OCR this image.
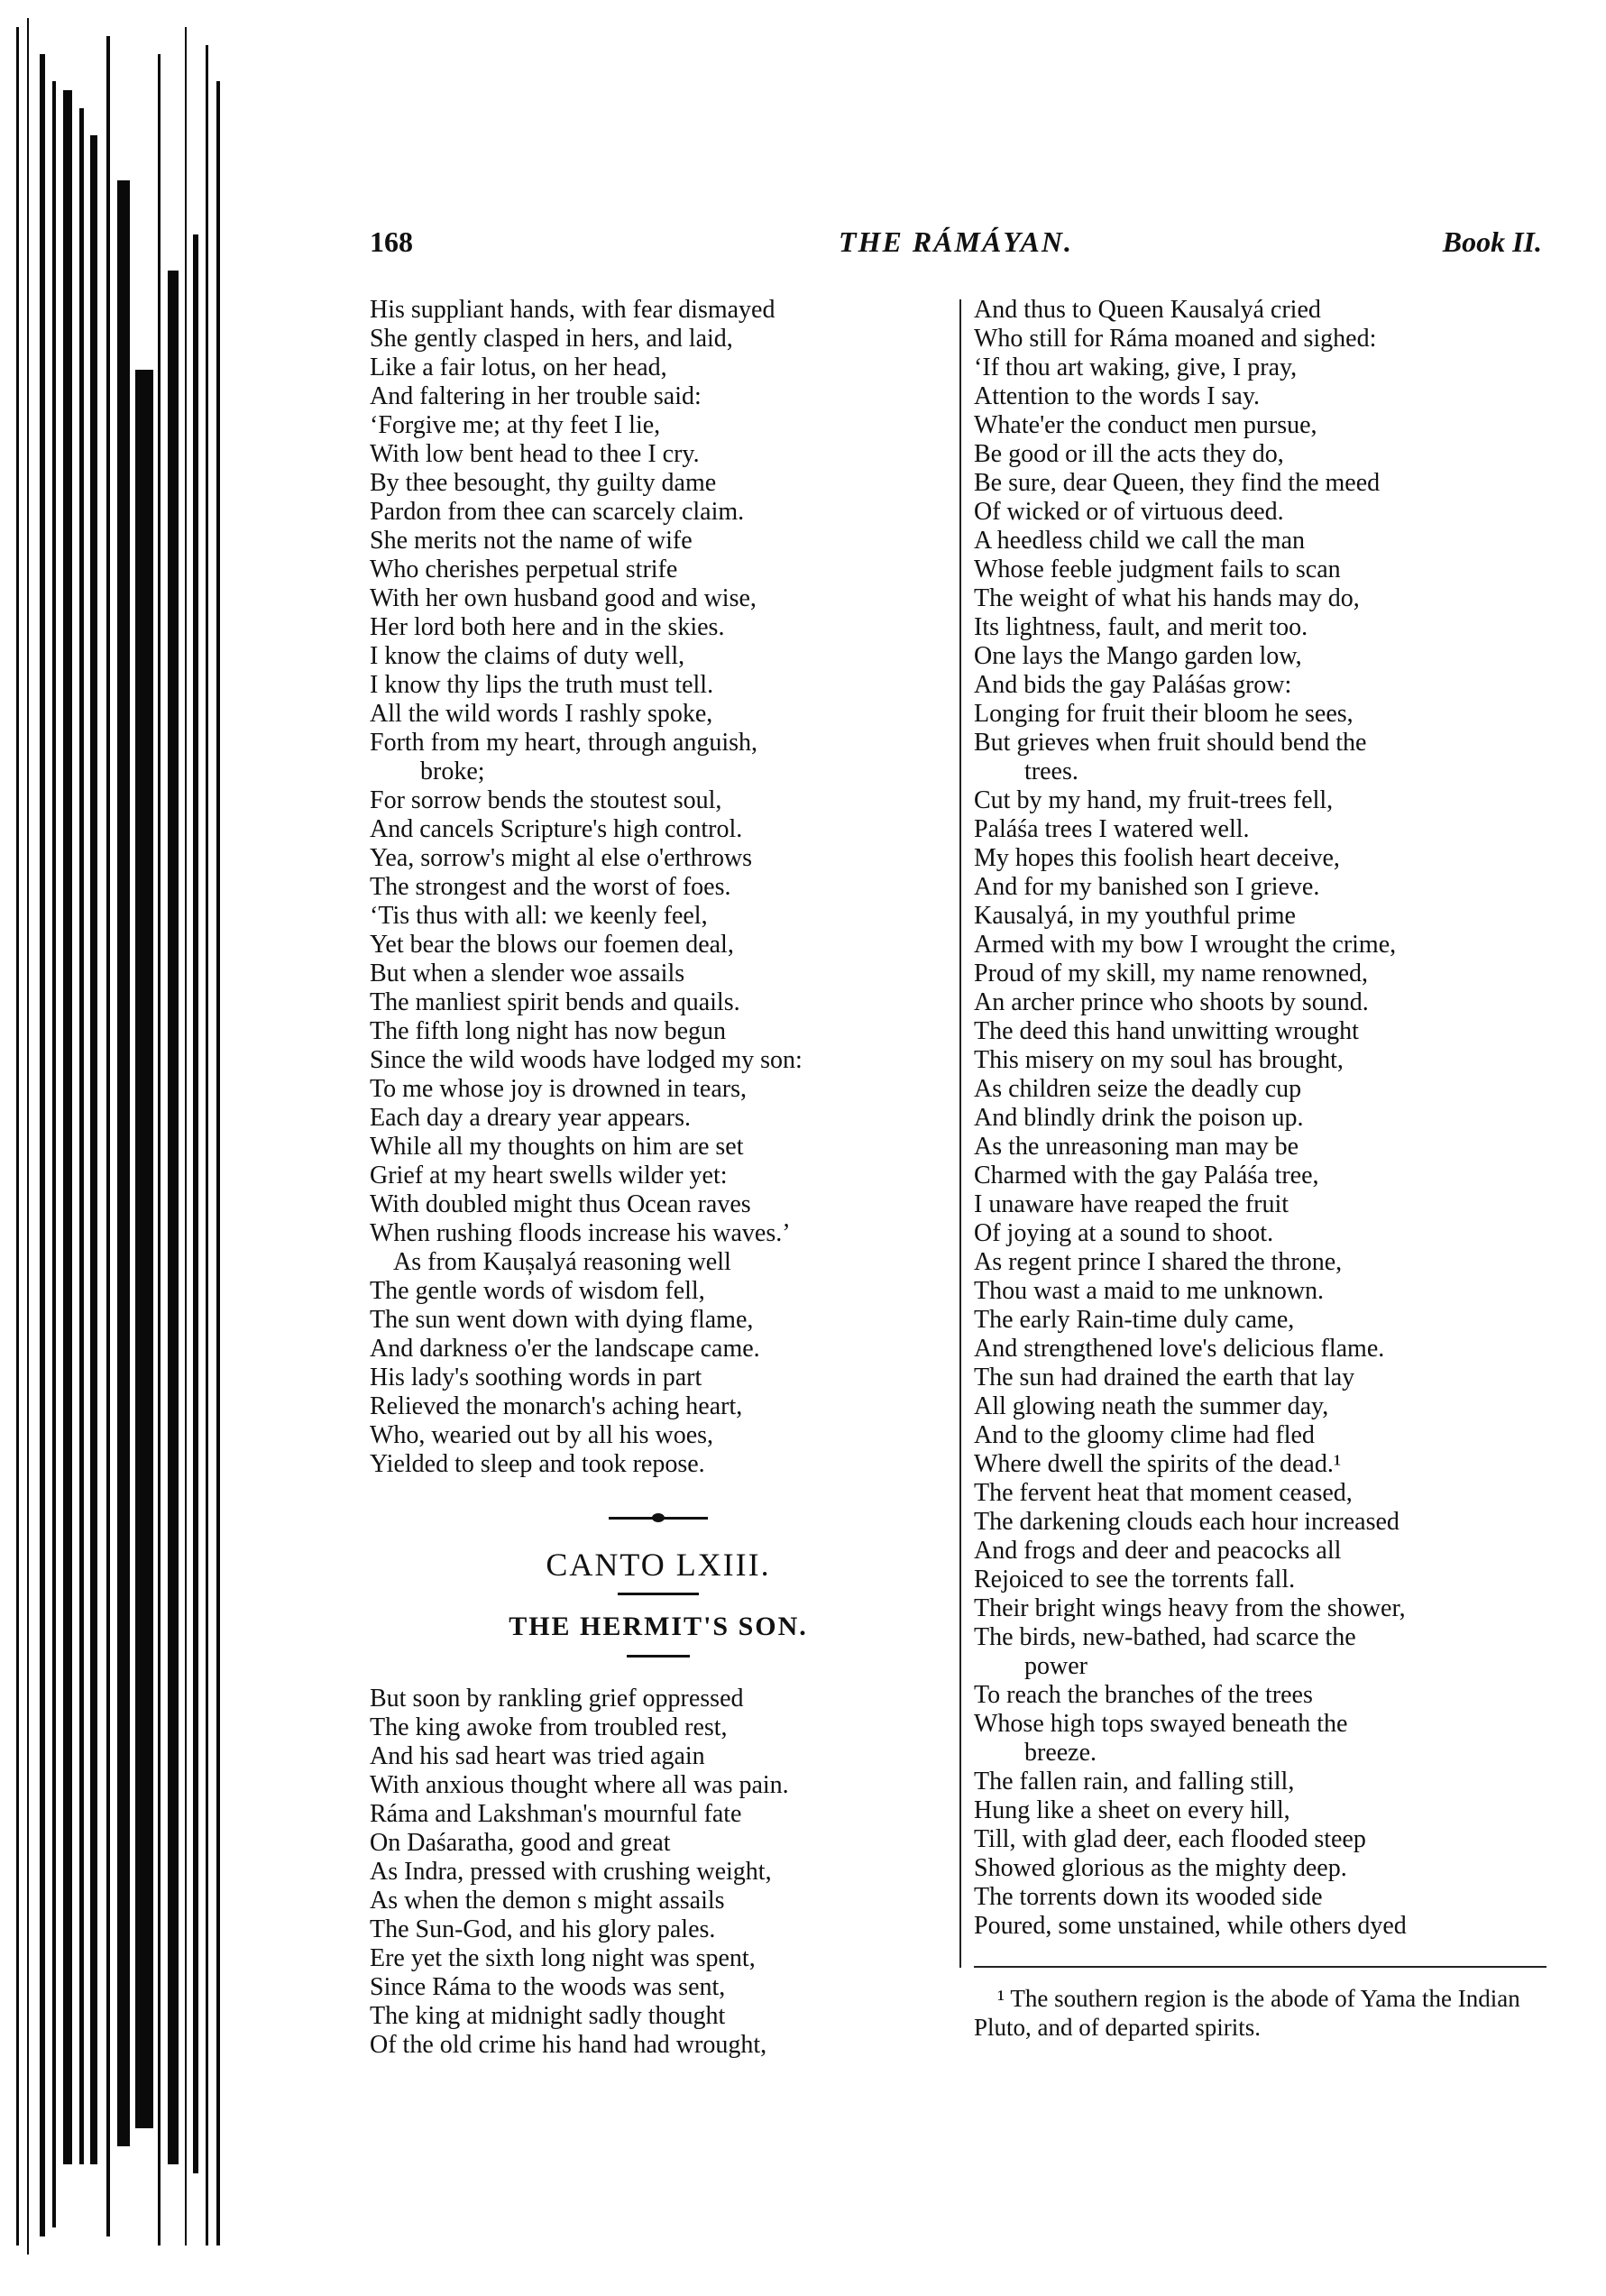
168	THE RÁMÁYAN.	Book II.
His suppliant hands, with fear dismayed
She gently clasped in hers, and laid,
Like a fair lotus, on her head,
And faltering in her trouble said:
‘Forgive me; at thy feet I lie,
With low bent head to thee I cry.
By thee besought, thy guilty dame
Pardon from thee can scarcely claim.
She merits not the name of wife
Who cherishes perpetual strife
With her own husband good and wise,
Her lord both here and in the skies.
I know the claims of duty well,
I know thy lips the truth must tell.
All the wild words I rashly spoke,
Forth from my heart, through anguish,
broke;
For sorrow bends the stoutest soul,
And cancels Scripture's high control.
Yea, sorrow's might al else o'erthrows
The strongest and the worst of foes.
‘Tis thus with all: we keenly feel,
Yet bear the blows our foemen deal,
But when a slender woe assails
The manliest spirit bends and quails.
The fifth long night has now begun
Since the wild woods have lodged my son:
To me whose joy is drowned in tears,
Each day a dreary year appears.
While all my thoughts on him are set
Grief at my heart swells wilder yet:
With doubled might thus Ocean raves
When rushing floods increase his waves.’
As from Kaușalyá reasoning well
The gentle words of wisdom fell,
The sun went down with dying flame,
And darkness o'er the landscape came.
His lady's soothing words in part
Relieved the monarch's aching heart,
Who, wearied out by all his woes,
Yielded to sleep and took repose.
CANTO LXIII.
THE HERMIT'S SON.
But soon by rankling grief oppressed
The king awoke from troubled rest,
And his sad heart was tried again
With anxious thought where all was pain.
Ráma and Lakshman's mournful fate
On Daśaratha, good and great
As Indra, pressed with crushing weight,
As when the demon s might assails
The Sun-God, and his glory pales.
Ere yet the sixth long night was spent,
Since Ráma to the woods was sent,
The king at midnight sadly thought
Of the old crime his hand had wrought,
And thus to Queen Kausalyá cried
Who still for Ráma moaned and sighed:
‘If thou art waking, give, I pray,
Attention to the words I say.
Whate'er the conduct men pursue,
Be good or ill the acts they do,
Be sure, dear Queen, they find the meed
Of wicked or of virtuous deed.
A heedless child we call the man
Whose feeble judgment fails to scan
The weight of what his hands may do,
Its lightness, fault, and merit too.
One lays the Mango garden low,
And bids the gay Paláśas grow:
Longing for fruit their bloom he sees,
But grieves when fruit should bend the
trees.
Cut by my hand, my fruit-trees fell,
Paláśa trees I watered well.
My hopes this foolish heart deceive,
And for my banished son I grieve.
Kausalyá, in my youthful prime
Armed with my bow I wrought the crime,
Proud of my skill, my name renowned,
An archer prince who shoots by sound.
The deed this hand unwitting wrought
This misery on my soul has brought,
As children seize the deadly cup
And blindly drink the poison up.
As the unreasoning man may be
Charmed with the gay Paláśa tree,
I unaware have reaped the fruit
Of joying at a sound to shoot.
As regent prince I shared the throne,
Thou wast a maid to me unknown.
The early Rain-time duly came,
And strengthened love's delicious flame.
The sun had drained the earth that lay
All glowing neath the summer day,
And to the gloomy clime had fled
Where dwell the spirits of the dead.¹
The fervent heat that moment ceased,
The darkening clouds each hour increased
And frogs and deer and peacocks all
Rejoiced to see the torrents fall.
Their bright wings heavy from the shower,
The birds, new-bathed, had scarce the
power
To reach the branches of the trees
Whose high tops swayed beneath the
breeze.
The fallen rain, and falling still,
Hung like a sheet on every hill,
Till, with glad deer, each flooded steep
Showed glorious as the mighty deep.
The torrents down its wooded side
Poured, some unstained, while others dyed
¹ The southern region is the abode of Yama the Indian Pluto, and of departed spirits.
